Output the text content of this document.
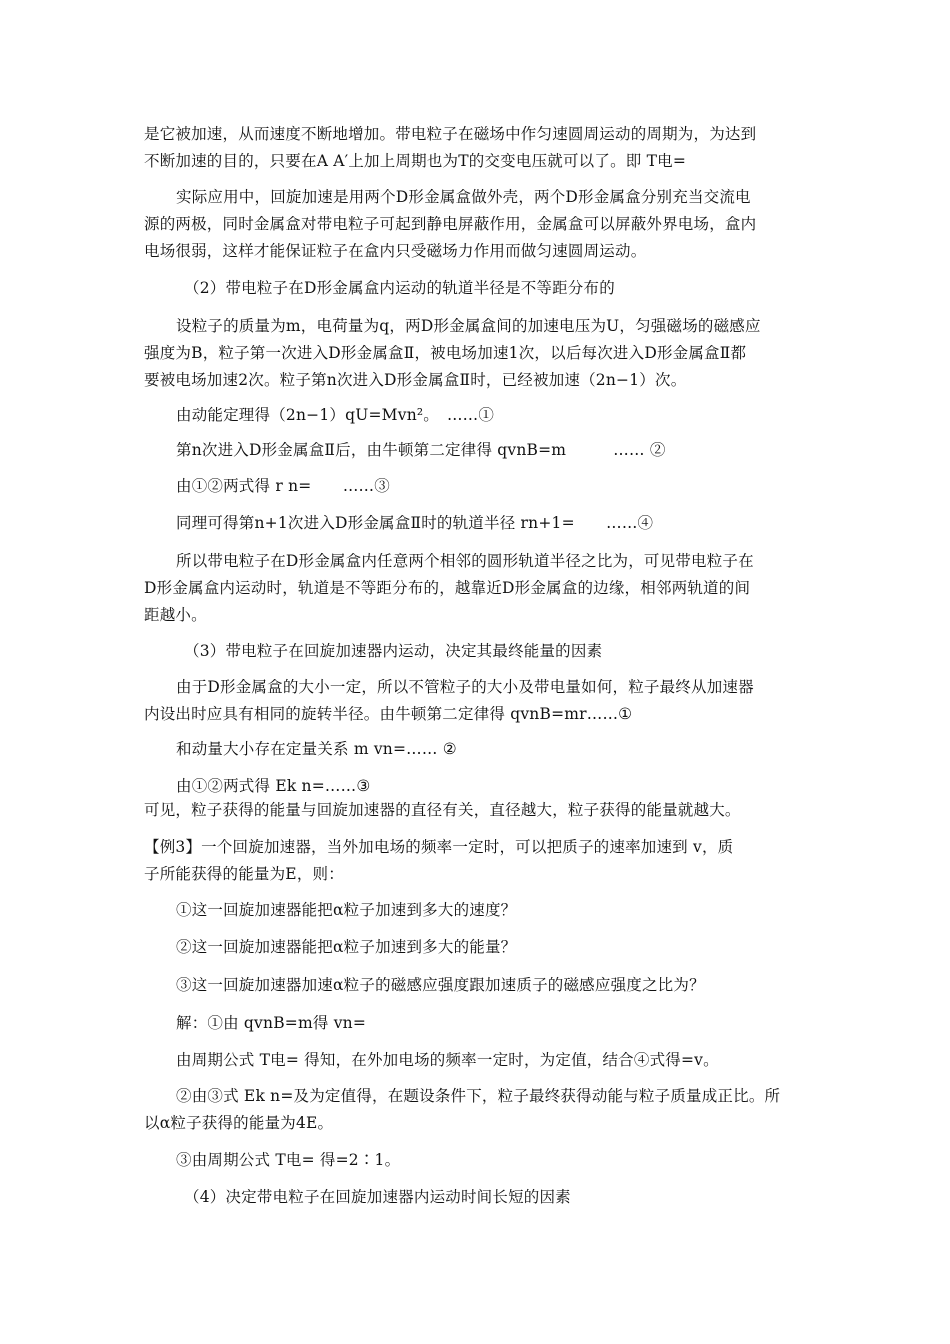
是它被加速，从而速度不断地增加。带电粒子在磁场中作匀速圆周运动的周期为，为达到
不断加速的目的，只要在A A′上加上周期也为T的交变电压就可以了。即 T电=
实际应用中，回旋加速是用两个D形金属盒做外壳，两个D形金属盒分别充当交流电
源的两极，同时金属盒对带电粒子可起到静电屏蔽作用，金属盒可以屏蔽外界电场，盒内
电场很弱，这样才能保证粒子在盒内只受磁场力作用而做匀速圆周运动。
（2）带电粒子在D形金属盒内运动的轨道半径是不等距分布的
设粒子的质量为m，电荷量为q，两D形金属盒间的加速电压为U，匀强磁场的磁感应
强度为B，粒子第一次进入D形金属盒Ⅱ，被电场加速1次，以后每次进入D形金属盒Ⅱ都
要被电场加速2次。粒子第n次进入D形金属盒Ⅱ时，已经被加速（2n−1）次。
由动能定理得（2n−1）qU=Mvn²。　……①
第n次进入D形金属盒Ⅱ后，由牛顿第二定律得 qvnB=m　　　…… ②
由①②两式得 r n=　　……③
同理可得第n+1次进入D形金属盒Ⅱ时的轨道半径 rn+1=　　……④
所以带电粒子在D形金属盒内任意两个相邻的圆形轨道半径之比为，可见带电粒子在
D形金属盒内运动时，轨道是不等距分布的，越靠近D形金属盒的边缘，相邻两轨道的间
距越小。
（3）带电粒子在回旋加速器内运动，决定其最终能量的因素
由于D形金属盒的大小一定，所以不管粒子的大小及带电量如何，粒子最终从加速器
内设出时应具有相同的旋转半径。由牛顿第二定律得 qvnB=mr……①
和动量大小存在定量关系 m vn=…… ②
由①②两式得 Ek n=……③
可见，粒子获得的能量与回旋加速器的直径有关，直径越大，粒子获得的能量就越大。
【例3】一个回旋加速器，当外加电场的频率一定时，可以把质子的速率加速到 v，质
子所能获得的能量为E，则：
①这一回旋加速器能把α粒子加速到多大的速度？
②这一回旋加速器能把α粒子加速到多大的能量？
③这一回旋加速器加速α粒子的磁感应强度跟加速质子的磁感应强度之比为？
解：①由 qvnB=m得 vn=
由周期公式 T电= 得知，在外加电场的频率一定时，为定值，结合④式得=v。
②由③式 Ek n=及为定值得，在题设条件下，粒子最终获得动能与粒子质量成正比。所
以α粒子获得的能量为4E。
③由周期公式 T电= 得=2∶1。
（4）决定带电粒子在回旋加速器内运动时间长短的因素
